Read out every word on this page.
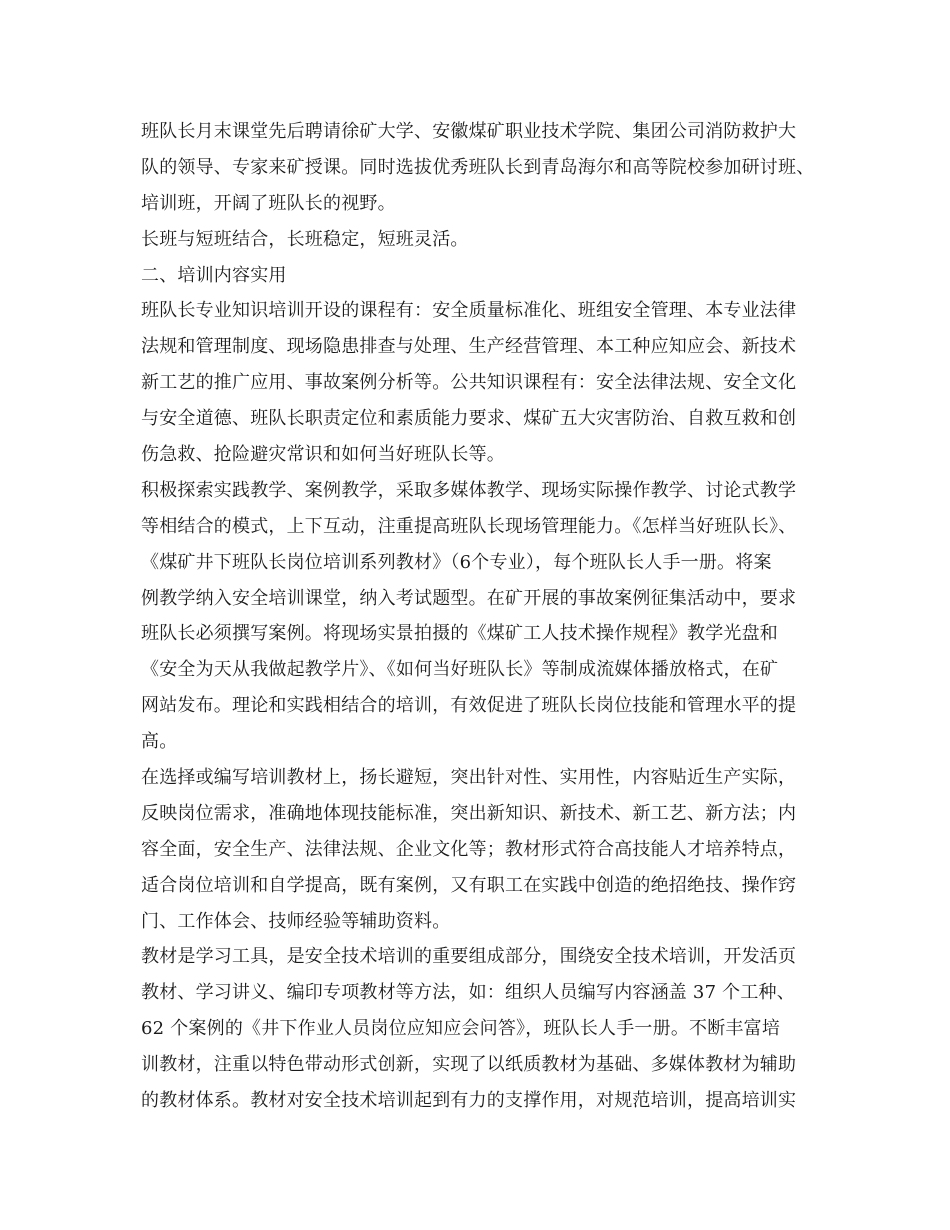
班队长月末课堂先后聘请徐矿大学、安徽煤矿职业技术学院、集团公司消防救护大
队的领导、专家来矿授课。同时选拔优秀班队长到青岛海尔和高等院校参加研讨班、
培训班，开阔了班队长的视野。
长班与短班结合，长班稳定，短班灵活。
二、培训内容实用
班队长专业知识培训开设的课程有：安全质量标准化、班组安全管理、本专业法律
法规和管理制度、现场隐患排查与处理、生产经营管理、本工种应知应会、新技术
新工艺的推广应用、事故案例分析等。公共知识课程有：安全法律法规、安全文化
与安全道德、班队长职责定位和素质能力要求、煤矿五大灾害防治、自救互救和创
伤急救、抢险避灾常识和如何当好班队长等。
积极探索实践教学、案例教学，采取多媒体教学、现场实际操作教学、讨论式教学
等相结合的模式，上下互动，注重提高班队长现场管理能力。《怎样当好班队长》、
《煤矿井下班队长岗位培训系列教材》（6个专业），每个班队长人手一册。将案
例教学纳入安全培训课堂，纳入考试题型。在矿开展的事故案例征集活动中，要求
班队长必须撰写案例。将现场实景拍摄的《煤矿工人技术操作规程》教学光盘和
《安全为天从我做起教学片》、《如何当好班队长》等制成流媒体播放格式，在矿
网站发布。理论和实践相结合的培训，有效促进了班队长岗位技能和管理水平的提
高。
在选择或编写培训教材上，扬长避短，突出针对性、实用性，内容贴近生产实际，
反映岗位需求，准确地体现技能标准，突出新知识、新技术、新工艺、新方法；内
容全面，安全生产、法律法规、企业文化等；教材形式符合高技能人才培养特点，
适合岗位培训和自学提高，既有案例，又有职工在实践中创造的绝招绝技、操作窍
门、工作体会、技师经验等辅助资料。
教材是学习工具，是安全技术培训的重要组成部分，围绕安全技术培训，开发活页
教材、学习讲义、编印专项教材等方法，如：组织人员编写内容涵盖 37 个工种、
62 个案例的《井下作业人员岗位应知应会问答》，班队长人手一册。不断丰富培
训教材，注重以特色带动形式创新，实现了以纸质教材为基础、多媒体教材为辅助
的教材体系。教材对安全技术培训起到有力的支撑作用，对规范培训，提高培训实
